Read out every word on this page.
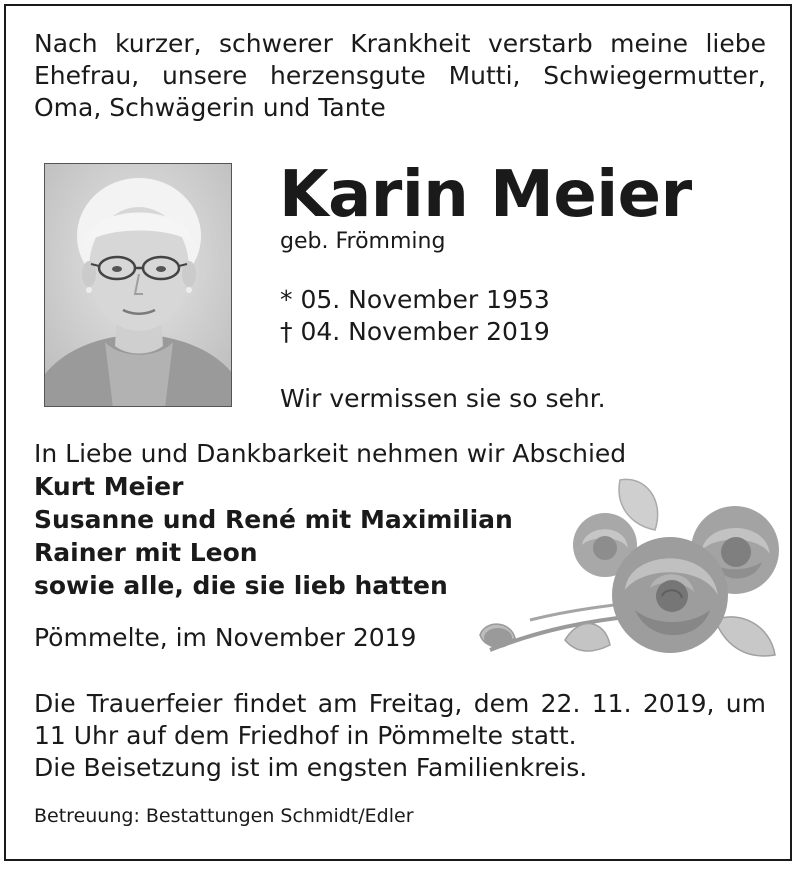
Nach kurzer, schwerer Krankheit verstarb meine liebe Ehefrau, unsere herzensgute Mutti, Schwiegermutter, Oma, Schwägerin und Tante
Karin Meier
geb. Frömming
* 05. November 1953
† 04. November 2019
Wir vermissen sie so sehr.
In Liebe und Dankbarkeit nehmen wir Abschied
Kurt Meier
Susanne und René mit Maximilian
Rainer mit Leon
sowie alle, die sie lieb hatten
Pömmelte, im November 2019
Die Trauerfeier findet am Freitag, dem 22. 11. 2019, um 11 Uhr auf dem Friedhof in Pömmelte statt.
Die Beisetzung ist im engsten Familienkreis.
Betreuung: Bestattungen Schmidt/Edler
